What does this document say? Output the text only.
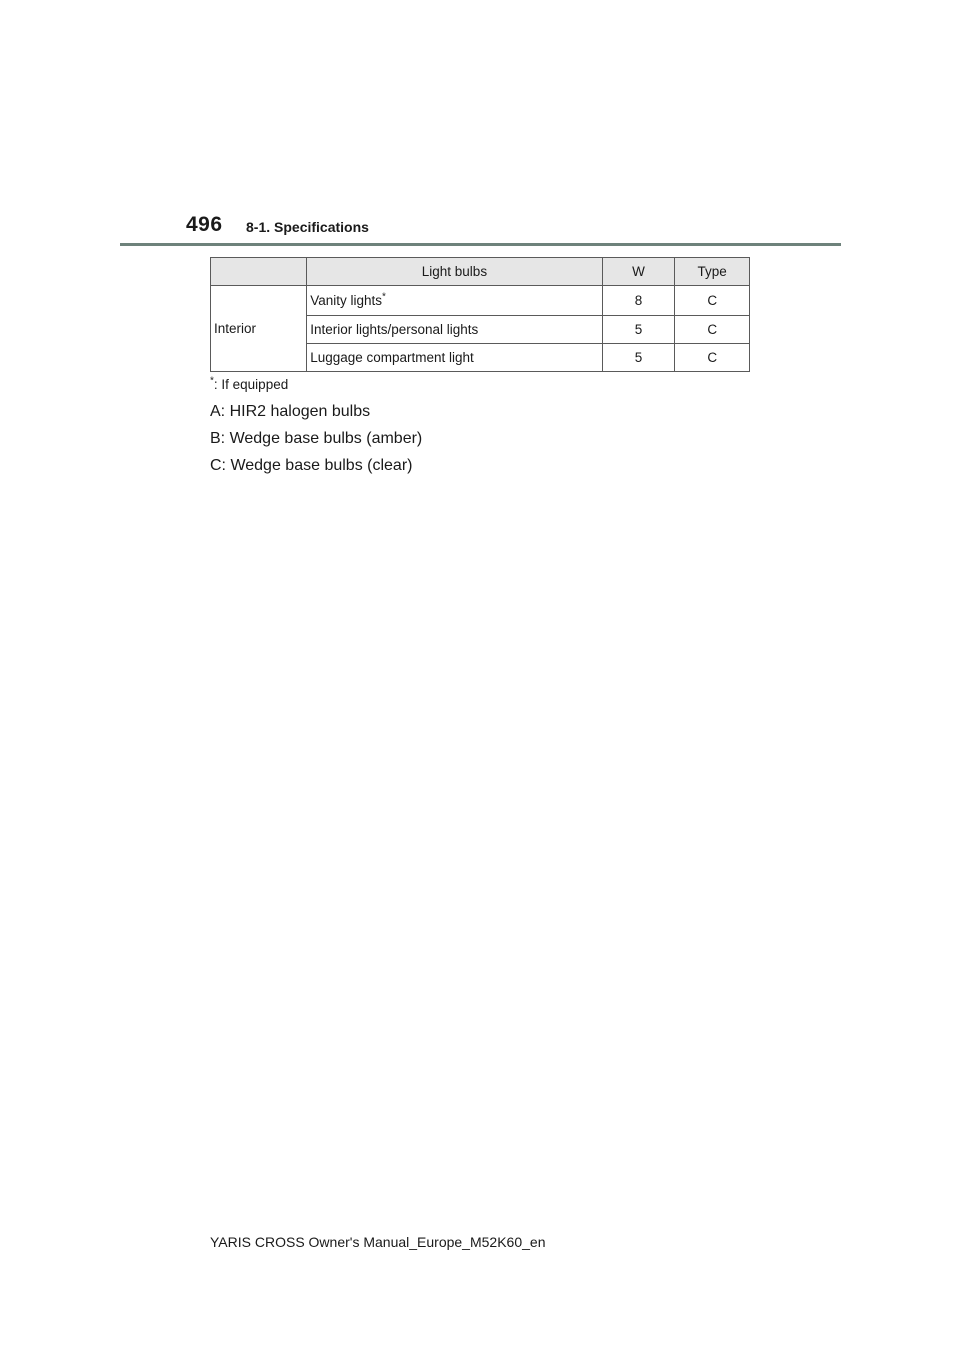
496 8-1. Specifications
	Light bulbs	W	Type
Interior	Vanity lights*	8	C
	Interior lights/personal lights	5	C
	Luggage compartment light	5	C
*: If equipped
A: HIR2 halogen bulbs
B: Wedge base bulbs (amber)
C: Wedge base bulbs (clear)
YARIS CROSS Owner's Manual_Europe_M52K60_en
